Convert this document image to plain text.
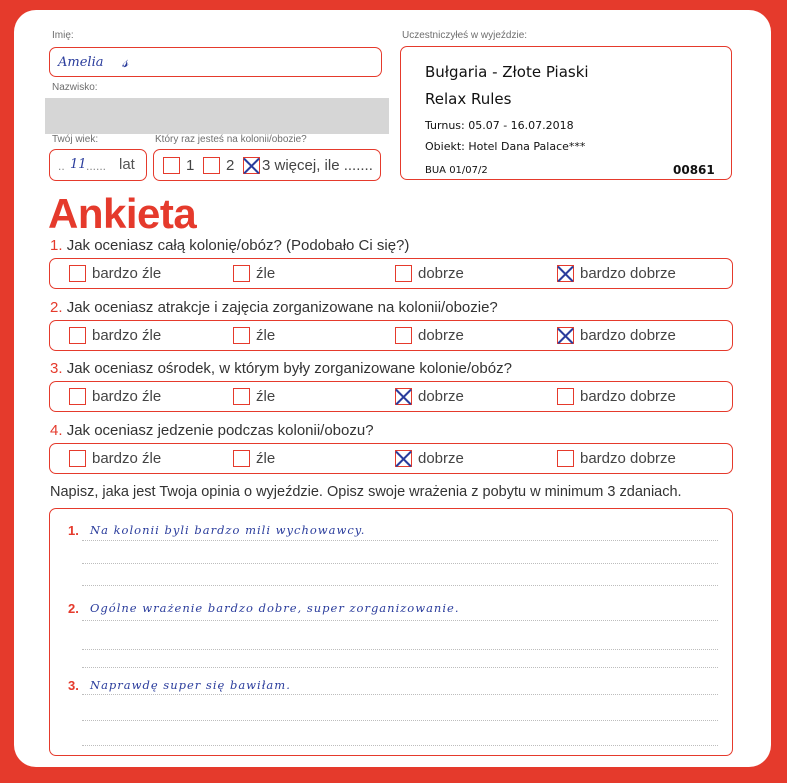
Imię:
Amelia 𝓈
Nazwisko:
Twój wiek:
.. 11 ...... lat
Który raz jesteś na kolonii/obozie?
1 2 3 więcej, ile .......
Uczestniczyłeś w wyjeździe:
Bułgaria - Złote Piaski
Relax Rules
Turnus: 05.07 - 16.07.2018
Obiekt: Hotel Dana Palace***
BUA 01/07/2	00861
Ankieta
1. Jak oceniasz całą kolonię/obóz? (Podobało Ci się?)
bardzo źle	źle	dobrze	bardzo dobrze
2. Jak oceniasz atrakcje i zajęcia zorganizowane na kolonii/obozie?
bardzo źle	źle	dobrze	bardzo dobrze
3. Jak oceniasz ośrodek, w którym były zorganizowane kolonie/obóz?
bardzo źle	źle	dobrze	bardzo dobrze
4. Jak oceniasz jedzenie podczas kolonii/obozu?
bardzo źle	źle	dobrze	bardzo dobrze
Napisz, jaka jest Twoja opinia o wyjeździe. Opisz swoje wrażenia z pobytu w minimum 3 zdaniach.
1. Na kolonii byli bardzo mili wychowawcy.
2. Ogólne wrażenie bardzo dobre, super zorganizowanie.
3. Naprawdę super się bawiłam.
